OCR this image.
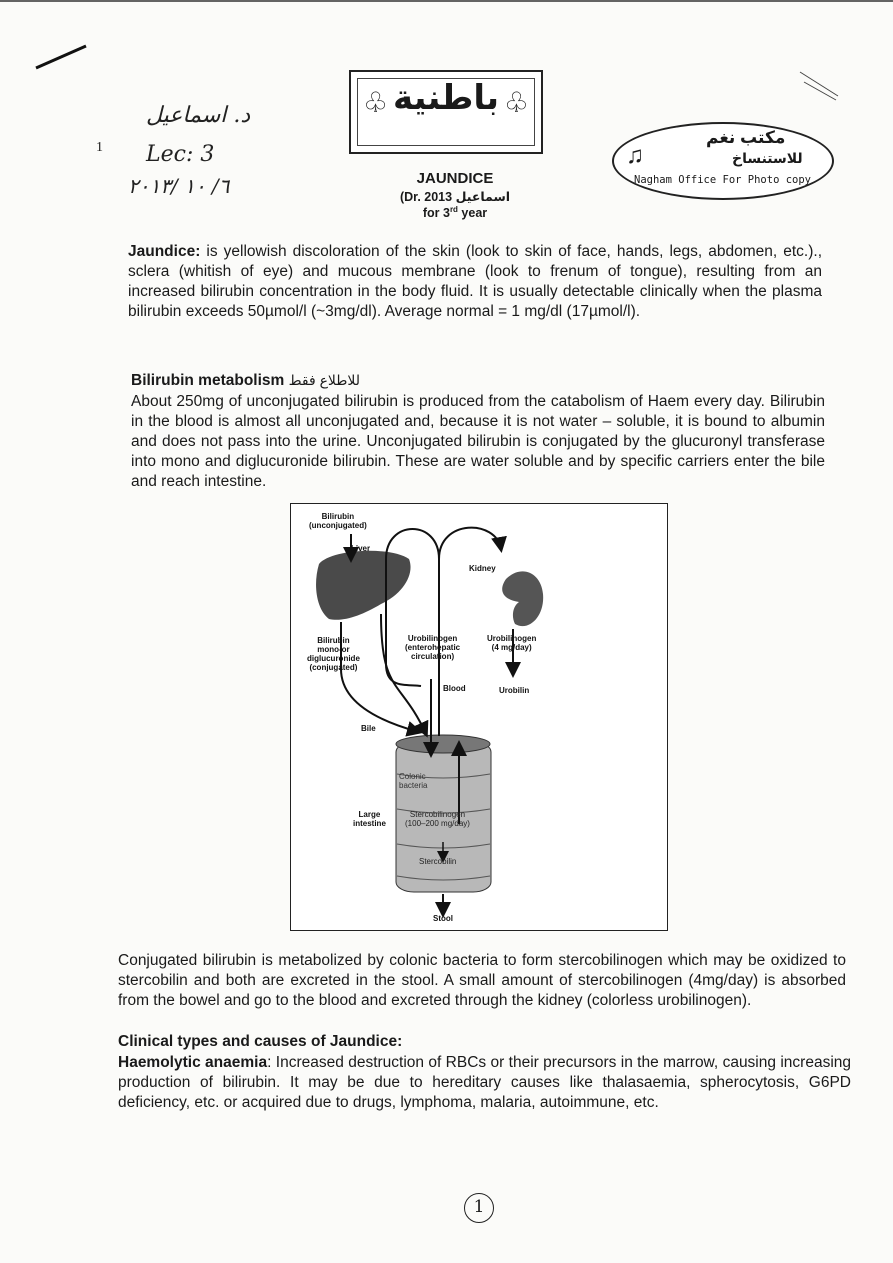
1
د. اسماعيل
Lec: 3
٦/ ١٠ /٢٠١٣
♧	♧
باطنية
♫
مكتب نغم
للاستنساخ
Nagham Office For Photo copy
JAUNDICE
(Dr. اسماعيل 2013
for 3rd year
Jaundice: is yellowish discoloration of the skin (look to skin of face, hands, legs, abdomen, etc.)., sclera (whitish of eye) and mucous membrane (look to frenum of tongue), resulting from an increased bilirubin concentration in the body fluid. It is usually detectable clinically when the plasma bilirubin exceeds 50µmol/l (~3mg/dl). Average normal = 1 mg/dl (17µmol/l).
Bilirubin metabolism للاطلاع فقط
About 250mg of unconjugated bilirubin is produced from the catabolism of Haem every day. Bilirubin in the blood is almost all unconjugated and, because it is not water – soluble, it is bound to albumin and does not pass into the urine. Unconjugated bilirubin is conjugated by the glucuronyl transferase into mono and diglucuronide bilirubin. These are water soluble and by specific carriers enter the bile and reach intestine.
Bilirubin
(unconjugated)
Liver
Kidney
Bilirubin
mono-or
diglucuronide
(conjugated)
Urobilinogen
(enterohepatic
circulation)
Urobilinogen
(4 mg/day)
Blood	Urobilin
Bile
Colonic
bacteria
Large
intestine
Stercobilinogen
(100–200 mg/day)
Stercobilin
Stool
Conjugated bilirubin is metabolized by colonic bacteria to form stercobilinogen which may be oxidized to stercobilin and both are excreted in the stool. A small amount of stercobilinogen (4mg/day) is absorbed from the bowel and go to the blood and excreted through the kidney (colorless urobilinogen).
Clinical types and causes of Jaundice:
Haemolytic anaemia: Increased destruction of RBCs or their precursors in the marrow, causing increasing production of bilirubin. It may be due to hereditary causes like thalasaemia, spherocytosis, G6PD deficiency, etc. or acquired due to drugs, lymphoma, malaria, autoimmune, etc.
1
